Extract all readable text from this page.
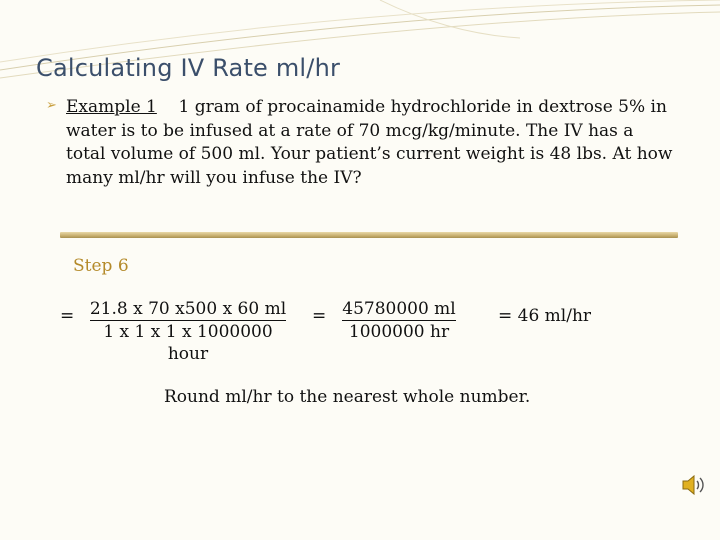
Calculating IV Rate ml/hr
➢ Example 1 1 gram of procainamide hydrochloride in dextrose 5% in water is to be infused at a rate of 70 mcg/kg/minute. The IV has a total volume of 500 ml. Your patient’s current weight is 48 lbs. At how many ml/hr will you infuse the IV?

Step 6
= 21.8 x 70 x500 x 60 ml
1 x 1 x 1 x 1000000 hour
= 45780000 ml
1000000 hr
= 46 ml/hr
Round ml/hr to the nearest whole number.
